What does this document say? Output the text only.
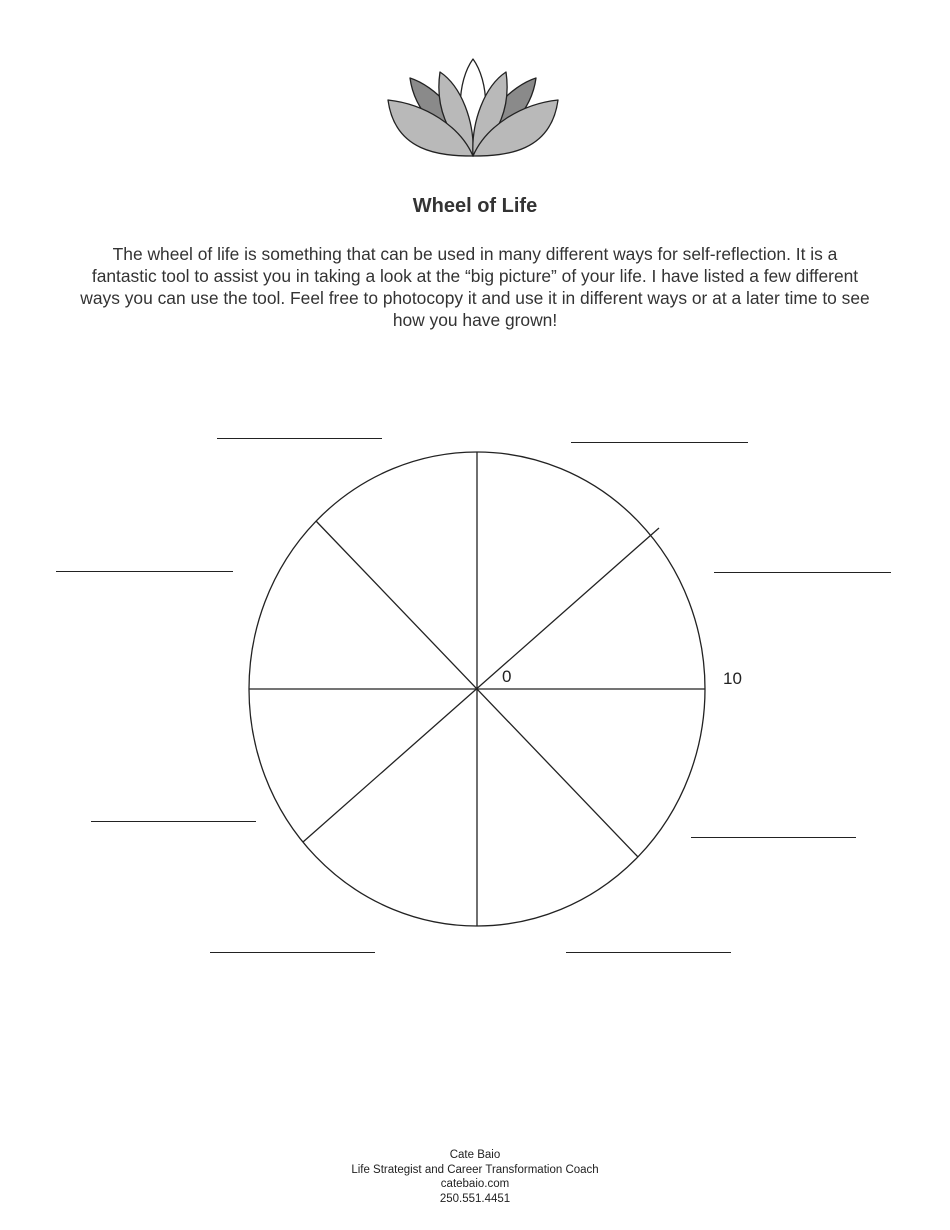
Wheel of Life

The wheel of life is something that can be used in many different ways for self-reflection. It is a fantastic tool to assist you in taking a look at the “big picture” of your life. I have listed a few different ways you can use the tool. Feel free to photocopy it and use it in different ways or at a later time to see how you have grown!

0	10
Cate Baio
Life Strategist and Career Transformation Coach
catebaio.com
250.551.4451
